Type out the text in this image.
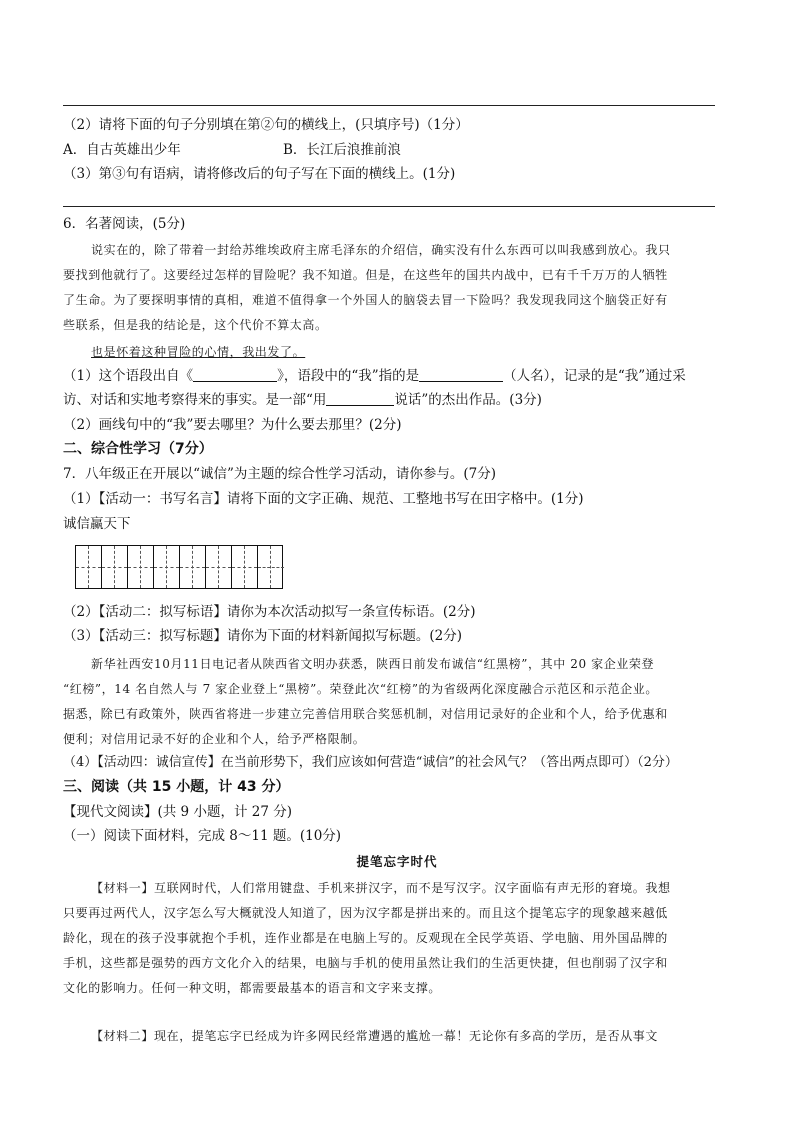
（2）请将下面的句子分别填在第②句的横线上，(只填序号)（1分）
A．自古英雄出少年	B．长江后浪推前浪
（3）第③句有语病，请将修改后的句子写在下面的横线上。(1分)
6．名著阅读，(5分)
说实在的，除了带着一封给苏维埃政府主席毛泽东的介绍信，确实没有什么东西可以叫我感到放心。我只
要找到他就行了。这要经过怎样的冒险呢？我不知道。但是，在这些年的国共内战中，已有千千万万的人牺牲
了生命。为了要探明事情的真相，难道不值得拿一个外国人的脑袋去冒一下险吗？我发现我同这个脑袋正好有
些联系，但是我的结论是，这个代价不算太高。
也是怀着这种冒险的心情，我出发了。
（1）这个语段出自《	》，语段中的“我”指的是	（人名），记录的是“我”通过采
访、对话和实地考察得来的事实。是一部“用	说话”的杰出作品。(3分)
（2）画线句中的“我”要去哪里？为什么要去那里？(2分)
二、综合性学习（7分）
7．八年级正在开展以“诚信”为主题的综合性学习活动，请你参与。(7分)
（1）【活动一：书写名言】请将下面的文字正确、规范、工整地书写在田字格中。(1分)
诚信赢天下
（2）【活动二：拟写标语】请你为本次活动拟写一条宣传标语。(2分)
（3）【活动三：拟写标题】请你为下面的材料新闻拟写标题。(2分)
新华社西安10月11日电记者从陕西省文明办获悉，陕西日前发布诚信“红黑榜”，其中 20 家企业荣登
“红榜”，14 名自然人与 7 家企业登上“黑榜”。荣登此次“红榜”的为省级两化深度融合示范区和示范企业。
据悉，除已有政策外，陕西省将进一步建立完善信用联合奖惩机制，对信用记录好的企业和个人，给予优惠和
便利；对信用记录不好的企业和个人，给予严格限制。
（4）【活动四：诚信宣传】在当前形势下，我们应该如何营造“诚信”的社会风气？（答出两点即可）（2分）
三、阅读（共 15 小题，计 43 分）
【现代文阅读】(共 9 小题，计 27 分)
（一）阅读下面材料，完成 8～11 题。(10分)
提笔忘字时代
【材料一】互联网时代，人们常用键盘、手机来拼汉字，而不是写汉字。汉字面临有声无形的窘境。我想
只要再过两代人，汉字怎么写大概就没人知道了，因为汉字都是拼出来的。而且这个提笔忘字的现象越来越低
龄化，现在的孩子没事就抱个手机，连作业都是在电脑上写的。反观现在全民学英语、学电脑、用外国品牌的
手机，这些都是强势的西方文化介入的结果，电脑与手机的使用虽然让我们的生活更快捷，但也削弱了汉字和
文化的影响力。任何一种文明，都需要最基本的语言和文字来支撑。
【材料二】现在，提笔忘字已经成为许多网民经常遭遇的尴尬一幕！无论你有多高的学历，是否从事文
